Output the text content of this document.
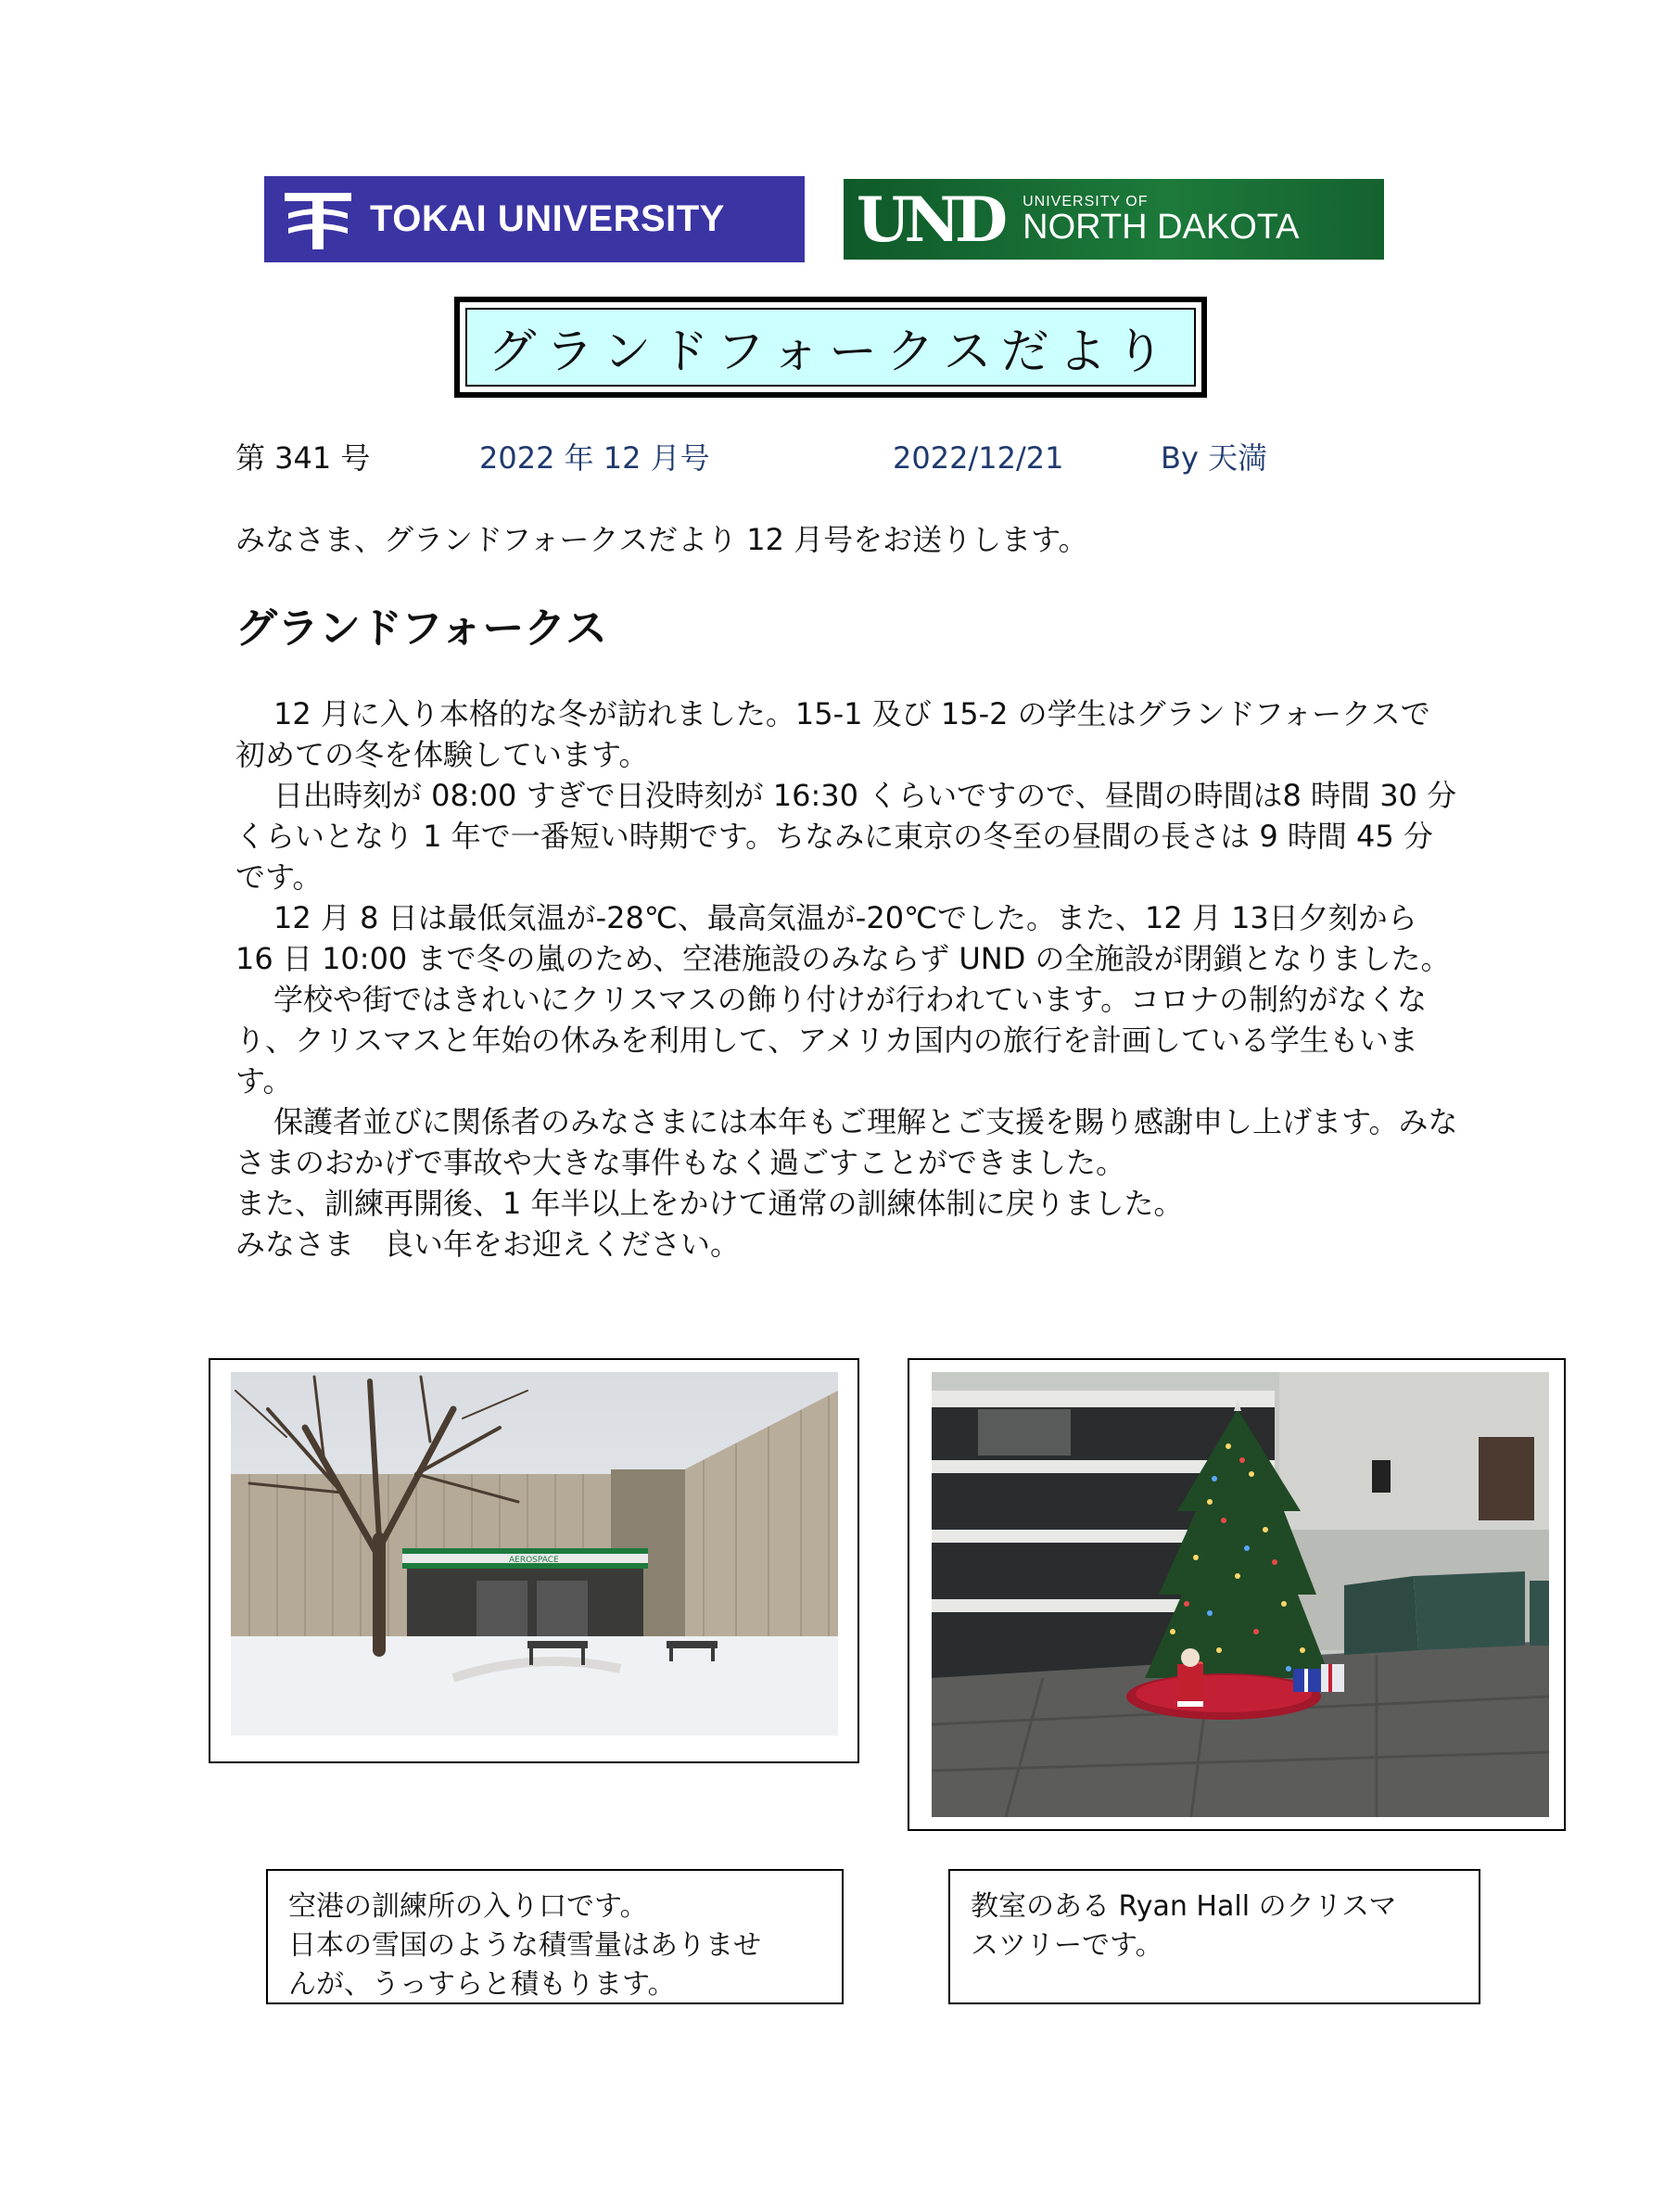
TOKAI UNIVERSITY UND UNIVERSITY OF
NORTH DAKOTA
グランドフォークスだより
第 341 号	2022 年 12 月号	2022/12/21	By 天満
みなさま、グランドフォークスだより 12 月号をお送りします。
グランドフォークス

12 月に入り本格的な冬が訪れました。15-1 及び 15-2 の学生はグランドフォークスで初めての冬を体験しています。

日出時刻が 08:00 すぎで日没時刻が 16:30 くらいですので、昼間の時間は8 時間 30 分くらいとなり 1 年で一番短い時期です。ちなみに東京の冬至の昼間の長さは 9 時間 45 分です。

12 月 8 日は最低気温が-28℃、最高気温が-20℃でした。また、12 月 13日夕刻から 16 日 10:00 まで冬の嵐のため、空港施設のみならず UND の全施設が閉鎖となりました。

学校や街ではきれいにクリスマスの飾り付けが行われています。コロナの制約がなくなり、クリスマスと年始の休みを利用して、アメリカ国内の旅行を計画している学生もいます。

保護者並びに関係者のみなさまには本年もご理解とご支援を賜り感謝申し上げます。みなさまのおかげで事故や大きな事件もなく過ごすことができました。

また、訓練再開後、1 年半以上をかけて通常の訓練体制に戻りました。

みなさま　良い年をお迎えください。

AEROSPACE
空港の訓練所の入り口です。
日本の雪国のような積雪量はありませ
んが、うっすらと積もります。
教室のある Ryan Hall のクリスマ
スツリーです。
